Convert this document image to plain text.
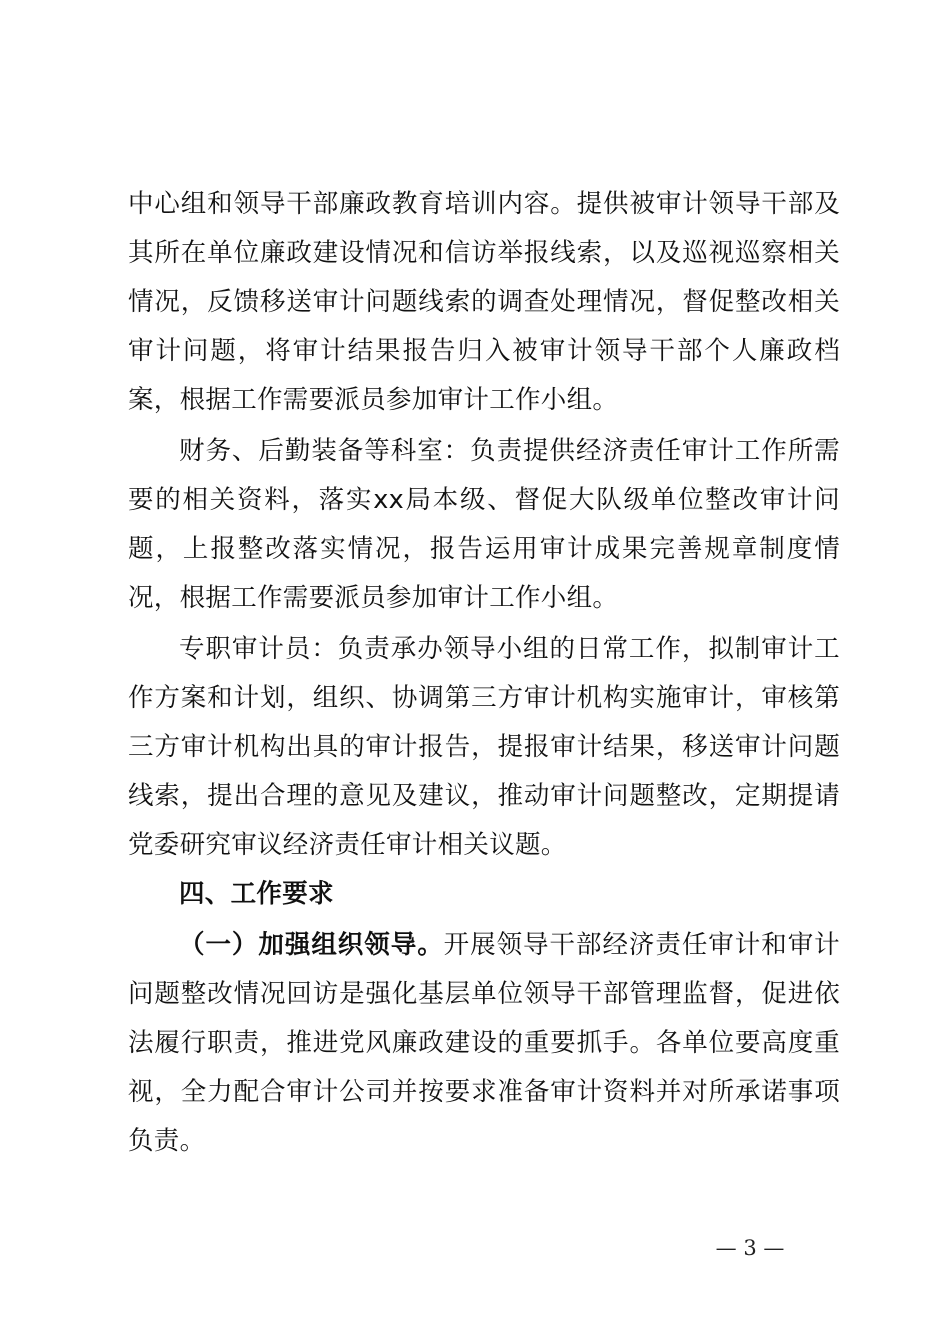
中心组和领导干部廉政教育培训内容。提供被审计领导干部及其所在单位廉政建设情况和信访举报线索，以及巡视巡察相关情况，反馈移送审计问题线索的调查处理情况，督促整改相关审计问题，将审计结果报告归入被审计领导干部个人廉政档案，根据工作需要派员参加审计工作小组。

财务、后勤装备等科室：负责提供经济责任审计工作所需要的相关资料，落实xx局本级、督促大队级单位整改审计问题，上报整改落实情况，报告运用审计成果完善规章制度情况，根据工作需要派员参加审计工作小组。

专职审计员：负责承办领导小组的日常工作，拟制审计工作方案和计划，组织、协调第三方审计机构实施审计，审核第三方审计机构出具的审计报告，提报审计结果，移送审计问题线索，提出合理的意见及建议，推动审计问题整改，定期提请党委研究审议经济责任审计相关议题。

四、工作要求

（一）加强组织领导。开展领导干部经济责任审计和审计问题整改情况回访是强化基层单位领导干部管理监督，促进依法履行职责，推进党风廉政建设的重要抓手。各单位要高度重视，全力配合审计公司并按要求准备审计资料并对所承诺事项负责。

— 3 —
